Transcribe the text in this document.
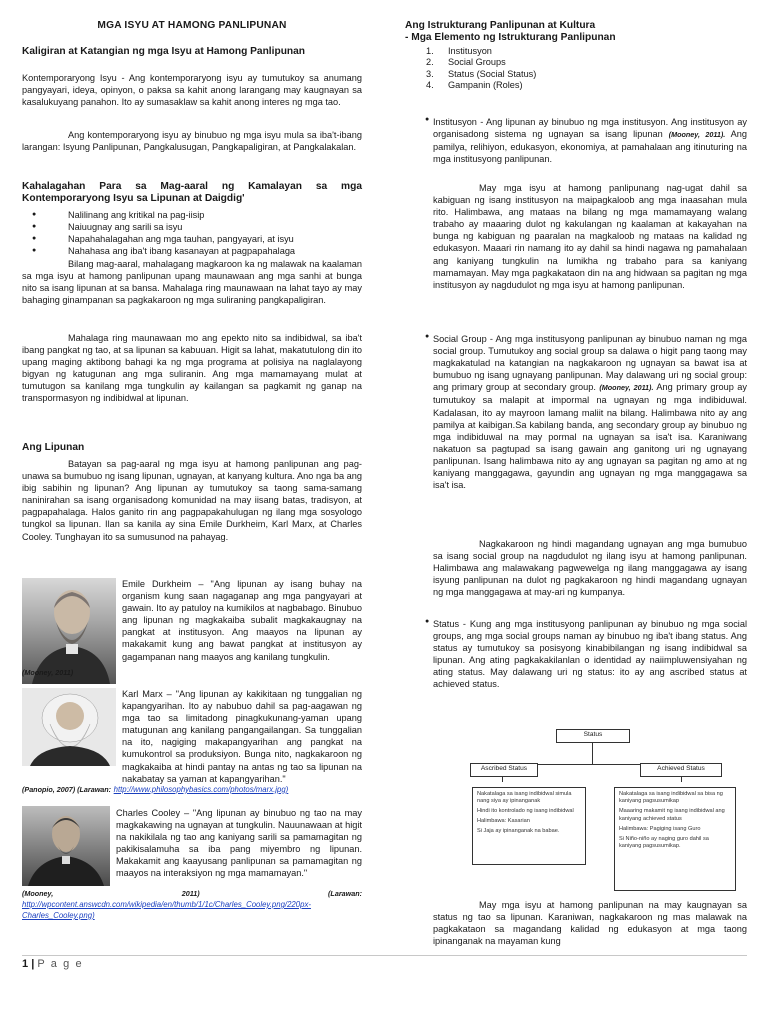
MGA ISYU AT HAMONG PANLIPUNAN

Kaligiran at Katangian ng mga Isyu at Hamong Panlipunan

Kontemporaryong Isyu - Ang kontemporaryong isyu ay tumutukoy sa anumang pangyayari, ideya, opinyon, o paksa sa kahit anong larangang may kaugnayan sa kasalukuyang panahon. Ito ay sumasaklaw sa kahit anong interes ng mga tao.

Ang kontemporaryong isyu ay binubuo ng mga isyu mula sa iba't-ibang larangan: Isyung Panlipunan, Pangkalusugan, Pangkapaligiran, at Pangkalakalan.

Kahalagahan Para sa Mag-aaral ng Kamalayan sa mga Kontemporaryong Isyu sa Lipunan at Daigdig'

● Nalilinang ang kritikal na pag-iisip
● Naiuugnay ang sarili sa isyu
● Napahahalagahan ang mga tauhan, pangyayari, at isyu
● Nahahasa ang iba't ibang kasanayan at pagpapahalaga

Bilang mag-aaral, mahalagang magkaroon ka ng malawak na kaalaman sa mga isyu at hamong panlipunan upang maunawaan ang mga sanhi at bunga nito sa isang lipunan at sa bansa. Mahalaga ring maunawaan na lahat tayo ay may bahaging ginampanan sa pagkakaroon ng mga suliraning pangkapaligiran.

Mahalaga ring maunawaan mo ang epekto nito sa indibidwal, sa iba't ibang pangkat ng tao, at sa lipunan sa kabuuan. Higit sa lahat, makatutulong din ito upang maging aktibong bahagi ka ng mga programa at polisiya na naglalayong bigyan ng katugunan ang mga suliranin. Ang mga mamamayang mulat at tumutugon sa kanilang mga tungkulin ay kailangan sa pagkamit ng ganap na transpormasyon ng indibidwal at lipunan.

Ang Lipunan

Batayan sa pag-aaral ng mga isyu at hamong panlipunan ang pag-unawa sa bumubuo ng isang lipunan, ugnayan, at kanyang kultura. Ano nga ba ang ibig sabihin ng lipunan? Ang lipunan ay tumutukoy sa taong sama-samang naninirahan sa isang organisadong komunidad na may iisang batas, tradisyon, at pagpapahalaga. Halos ganito rin ang pagpapakahulugan ng ilang mga sosyologo tungkol sa lipunan. Ilan sa kanila ay sina Emile Durkheim, Karl Marx, at Charles Cooley. Tunghayan ito sa sumusunod na pahayag.

Emile Durkheim – "Ang lipunan ay isang buhay na organism kung saan nagaganap ang mga pangyayari at gawain. Ito ay patuloy na kumikilos at nagbabago. Binubuo ang lipunan ng magkakaiba subalit magkakaugnay na pangkat at institusyon. Ang maayos na lipunan ay makakamit kung ang bawat pangkat at institusyon ay gagampanan nang maayos ang kanilang tungkulin.

(Mooney, 2011)

Karl Marx – "Ang lipunan ay kakikitaan ng tunggalian ng kapangyarihan. Ito ay nabubuo dahil sa pag-aagawan ng mga tao sa limitadong pinagkukunang-yaman upang matugunan ang kanilang pangangailangan. Sa tunggalian na ito, nagiging makapangyarihan ang pangkat na kumukontrol sa produksiyon. Bunga nito, nagkakaroon ng magkakaiba at hindi pantay na antas ng tao sa lipunan na nakabatay sa yaman at kapangyarihan."

(Panopio, 2007) (Larawan: http://www.philosophybasics.com/photos/marx.jpg)

Charles Cooley – "Ang lipunan ay binubuo ng tao na may magkakawing na ugnayan at tungkulin. Nauunawaan at higit na nakikilala ng tao ang kaniyang sarili sa pamamagitan ng pakikisalamuha sa iba pang miyembro ng lipunan. Makakamit ang kaayusang panlipunan sa pamamagitan ng maayos na interaksiyon ng mga mamamayan."

(Mooney, 2011) (Larawan: http://wpcontent.answcdn.com/wikipedia/en/thumb/1/1c/Charles_Cooley.png/220px-Charles_Cooley.png)

Ang Istrukturang Panlipunan at Kultura

- Mga Elemento ng Istrukturang Panlipunan

1. Institusyon
2. Social Groups
3. Status (Social Status)
4. Gampanin (Roles)
● Institusyon - Ang lipunan ay binubuo ng mga institusyon. Ang institusyon ay organisadong sistema ng ugnayan sa isang lipunan (Mooney, 2011). Ang pamilya, relihiyon, edukasyon, ekonomiya, at pamahalaan ang itinuturing na mga institusyong panlipunan.

May mga isyu at hamong panlipunang nag-ugat dahil sa kabiguan ng isang institusyon na maipagkaloob ang mga inaasahan mula rito. Halimbawa, ang mataas na bilang ng mga mamamayang walang trabaho ay maaaring dulot ng kakulangan ng kaalaman at kakayahan na bunga ng kabiguan ng paaralan na magkaloob ng mataas na kalidad ng edukasyon. Maaari rin namang ito ay dahil sa hindi nagawa ng pamahalaan ang kaniyang tungkulin na lumikha ng trabaho para sa kaniyang mamamayan. May mga pagkakataon din na ang hidwaan sa pagitan ng mga institusyon ay nagdudulot ng mga isyu at hamong panlipunan.

● Social Group - Ang mga institusyong panlipunan ay binubuo naman ng mga social group. Tumutukoy ang social group sa dalawa o higit pang taong may magkakatulad na katangian na nagkakaroon ng ugnayan sa bawat isa at bumubuo ng isang ugnayang panlipunan. May dalawang uri ng social group: ang primary group at secondary group. (Mooney, 2011). Ang primary group ay tumutukoy sa malapit at impormal na ugnayan ng mga indibiduwal. Kadalasan, ito ay mayroon lamang maliit na bilang. Halimbawa nito ay ang pamilya at kaibigan.Sa kabilang banda, ang secondary group ay binubuo ng mga indibiduwal na may pormal na ugnayan sa isa't isa. Karaniwang nakatuon sa pagtupad sa isang gawain ang ganitong uri ng ugnayang panlipunan. Isang halimbawa nito ay ang ugnayan sa pagitan ng amo at ng kaniyang manggagawa, gayundin ang ugnayan ng mga manggagawa sa isa't isa.

Nagkakaroon ng hindi magandang ugnayan ang mga bumubuo sa isang social group na nagdudulot ng ilang isyu at hamong panlipunan. Halimbawa ang malawakang pagwewelga ng ilang manggagawa ay isang isyung panlipunan na dulot ng pagkakaroon ng hindi magandang ugnayan ng mga manggagawa at may-ari ng kumpanya.

● Status - Kung ang mga institusyong panlipunan ay binubuo ng mga social groups, ang mga social groups naman ay binubuo ng iba't ibang status. Ang status ay tumutukoy sa posisyong kinabibilangan ng isang indibidwal sa lipunan. Ang ating pagkakakilanlan o identidad ay naiimpluwensiyahan ng ating status. May dalawang uri ng status: ito ay ang ascribed status at achieved status.

May mga isyu at hamong panlipunan na may kaugnayan sa status ng tao sa lipunan. Karaniwan, nagkakaroon ng mas malawak na pagkakataon sa magandang kalidad ng edukasyon at mga taong ipinanganak na mayaman kung

Status
Ascribed Status	Achieved Status
Nakatalaga sa isang indibidwal simula nang siya ay ipinanganak
Hindi ito kontrolado ng isang indibidwal
Halimbawa: Kasarian
Si Jaja ay ipinanganak na babae.
Nakatalaga sa isang indibidwal sa bisa ng kaniyang pagsusumikap
Maaaring makamit ng isang indibidwal ang kaniyang achieved status
Halimbawa: Pagiging isang Guro
Si Niño-niño ay naging guro dahil sa kaniyang pagsusumikap.
1 | P a g e
